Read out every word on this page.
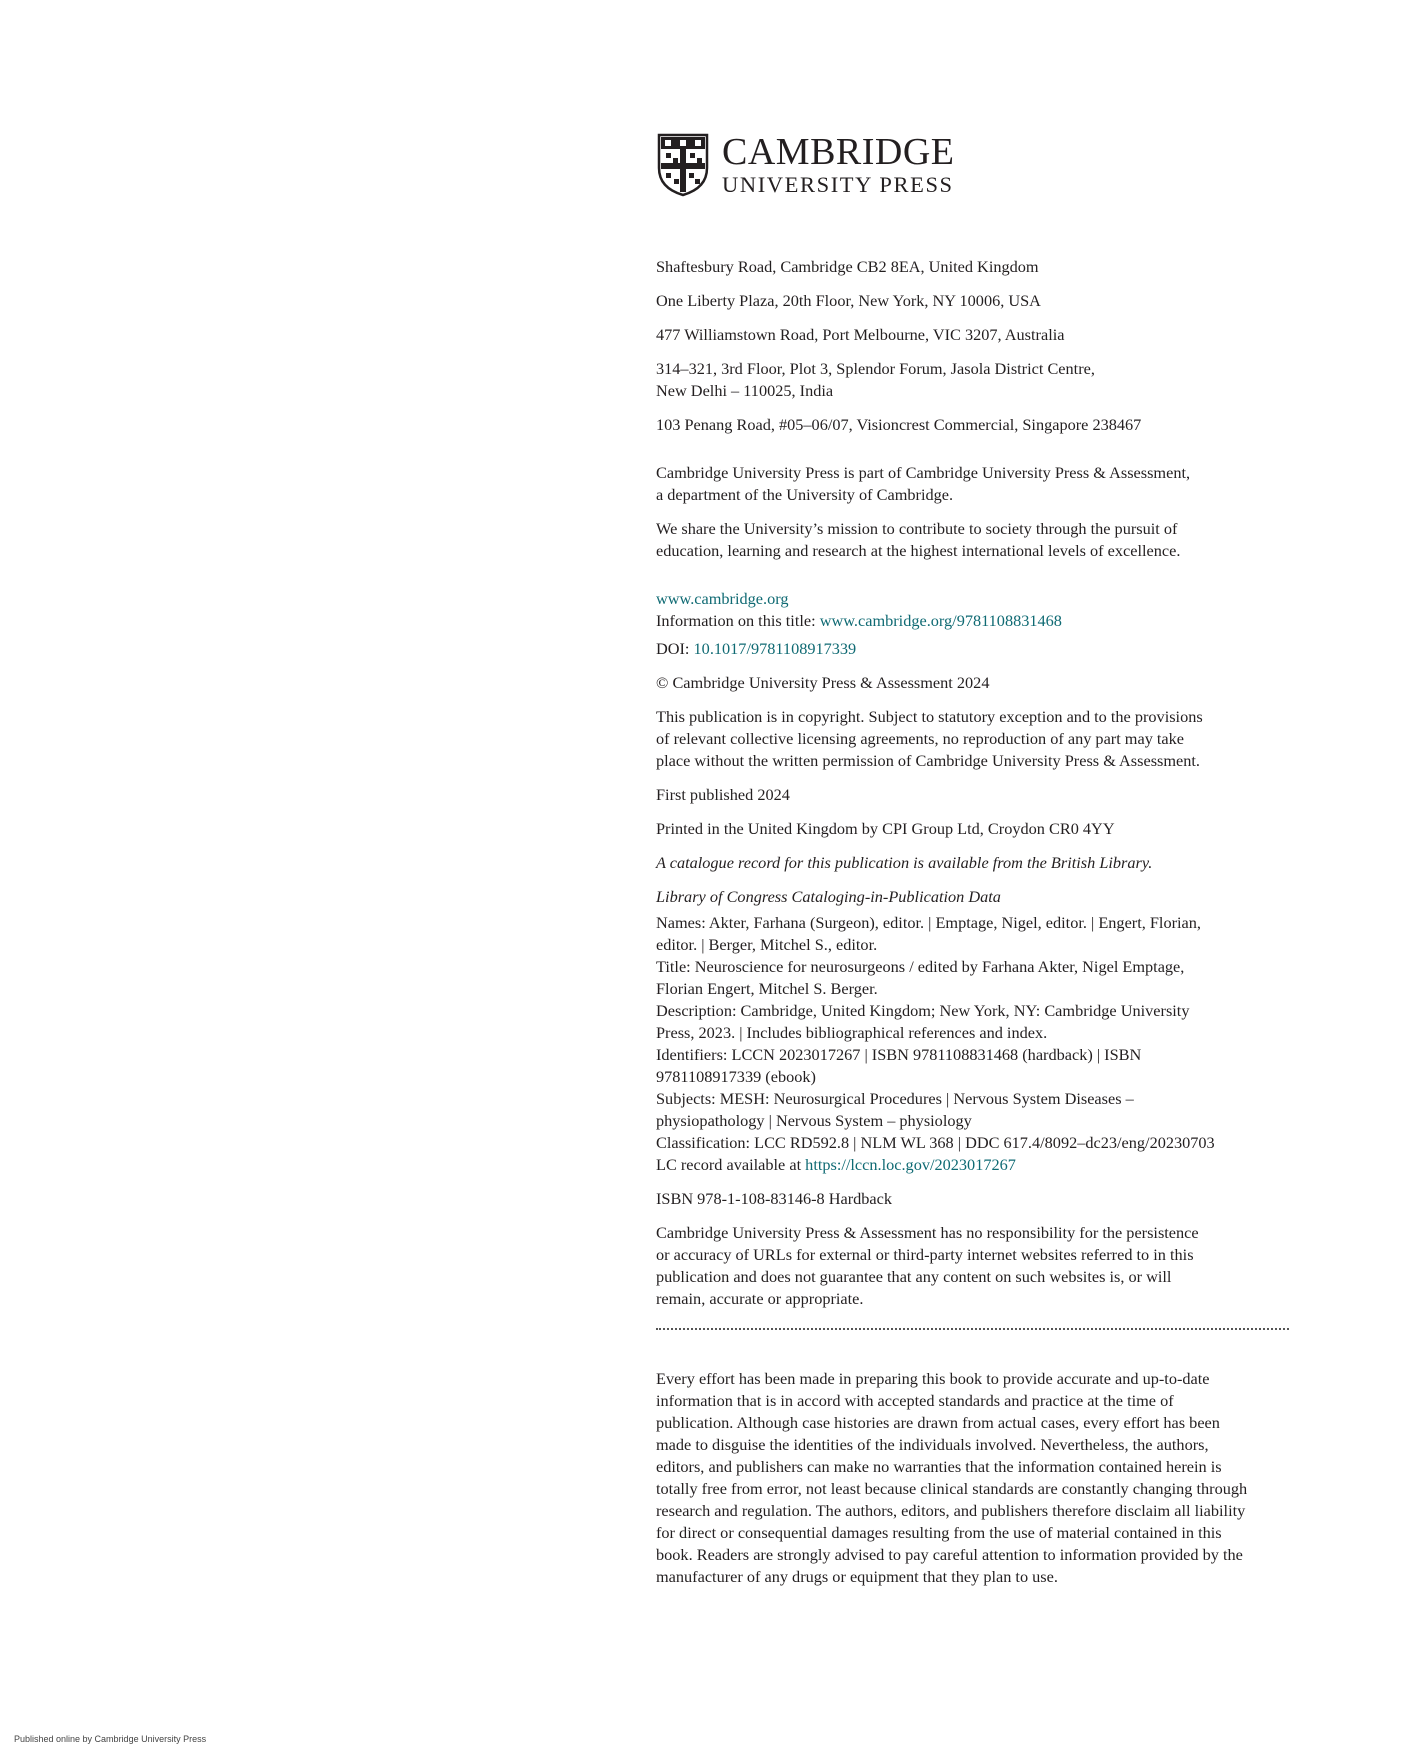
CAMBRIDGE
UNIVERSITY PRESS

Shaftesbury Road, Cambridge CB2 8EA, United Kingdom

One Liberty Plaza, 20th Floor, New York, NY 10006, USA

477 Williamstown Road, Port Melbourne, VIC 3207, Australia

314–321, 3rd Floor, Plot 3, Splendor Forum, Jasola District Centre,
New Delhi – 110025, India

103 Penang Road, #05–06/07, Visioncrest Commercial, Singapore 238467

Cambridge University Press is part of Cambridge University Press & Assessment,
a department of the University of Cambridge.

We share the University’s mission to contribute to society through the pursuit of
education, learning and research at the highest international levels of excellence.

www.cambridge.org

Information on this title: www.cambridge.org/9781108831468

DOI: 10.1017/9781108917339

© Cambridge University Press & Assessment 2024

This publication is in copyright. Subject to statutory exception and to the provisions
of relevant collective licensing agreements, no reproduction of any part may take
place without the written permission of Cambridge University Press & Assessment.

First published 2024

Printed in the United Kingdom by CPI Group Ltd, Croydon CR0 4YY

A catalogue record for this publication is available from the British Library.

Library of Congress Cataloging-in-Publication Data

Names: Akter, Farhana (Surgeon), editor. | Emptage, Nigel, editor. | Engert, Florian,
editor. | Berger, Mitchel S., editor.
Title: Neuroscience for neurosurgeons / edited by Farhana Akter, Nigel Emptage,
Florian Engert, Mitchel S. Berger.
Description: Cambridge, United Kingdom; New York, NY: Cambridge University
Press, 2023. | Includes bibliographical references and index.
Identifiers: LCCN 2023017267 | ISBN 9781108831468 (hardback) | ISBN
9781108917339 (ebook)
Subjects: MESH: Neurosurgical Procedures | Nervous System Diseases –
physiopathology | Nervous System – physiology
Classification: LCC RD592.8 | NLM WL 368 | DDC 617.4/8092–dc23/eng/20230703
LC record available at https://lccn.loc.gov/2023017267

ISBN 978-1-108-83146-8 Hardback

Cambridge University Press & Assessment has no responsibility for the persistence
or accuracy of URLs for external or third-party internet websites referred to in this
publication and does not guarantee that any content on such websites is, or will
remain, accurate or appropriate.

Every effort has been made in preparing this book to provide accurate and up-to-date
information that is in accord with accepted standards and practice at the time of
publication. Although case histories are drawn from actual cases, every effort has been
made to disguise the identities of the individuals involved. Nevertheless, the authors,
editors, and publishers can make no warranties that the information contained herein is
totally free from error, not least because clinical standards are constantly changing through
research and regulation. The authors, editors, and publishers therefore disclaim all liability
for direct or consequential damages resulting from the use of material contained in this
book. Readers are strongly advised to pay careful attention to information provided by the
manufacturer of any drugs or equipment that they plan to use.

Published online by Cambridge University Press
